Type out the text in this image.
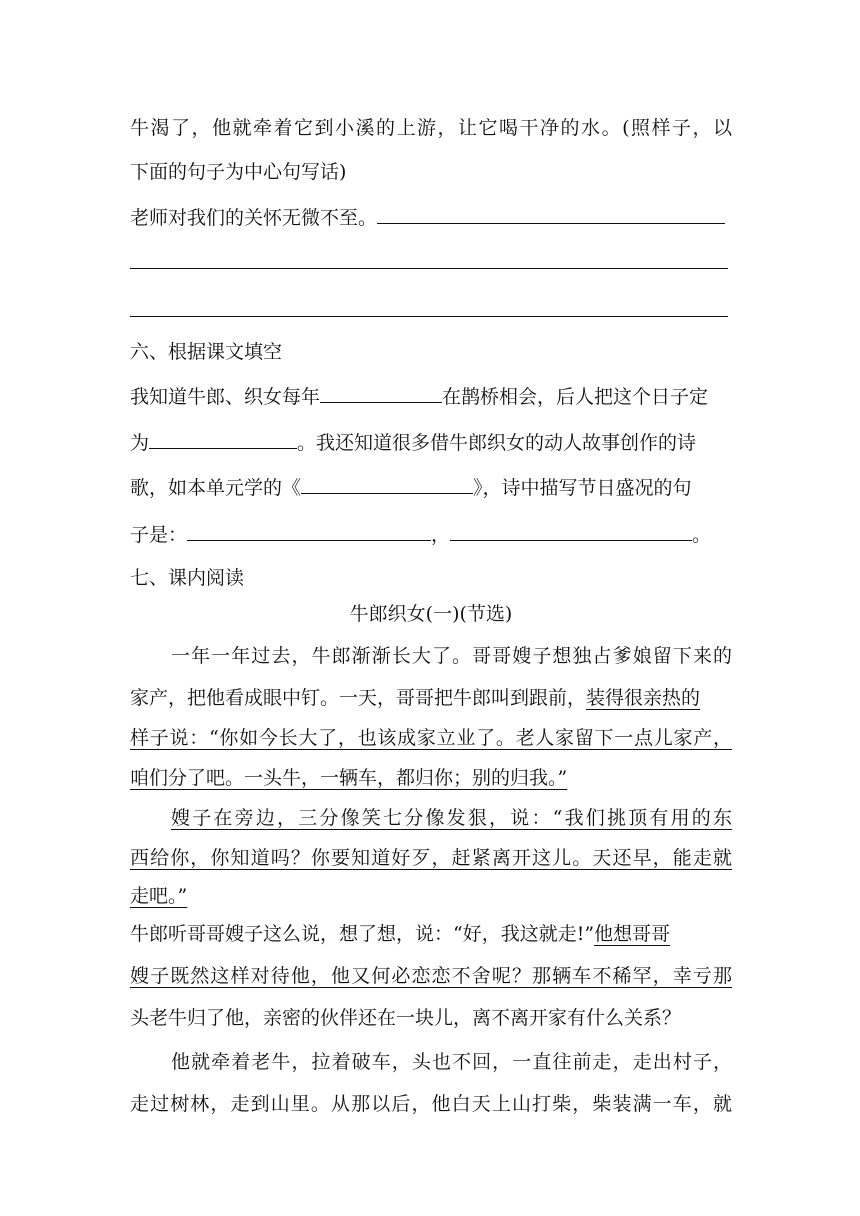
牛渴了，他就牵着它到小溪的上游，让它喝干净的水。(照样子，以
下面的句子为中心句写话)
老师对我们的关怀无微不至。
六、根据课文填空
我知道牛郎、织女每年	在鹊桥相会，后人把这个日子定
为	。我还知道很多借牛郎织女的动人故事创作的诗
歌，如本单元学的《	》，诗中描写节日盛况的句
子是：	，	。
七、课内阅读
牛郎织女(一)(节选)
一年一年过去，牛郎渐渐长大了。哥哥嫂子想独占爹娘留下来的
家产，把他看成眼中钉。一天，哥哥把牛郎叫到跟前，装得很亲热的
样子说：“你如今长大了，也该成家立业了。老人家留下一点儿家产，
咱们分了吧。一头牛，一辆车，都归你；别的归我。”
嫂子在旁边，三分像笑七分像发狠，说：“我们挑顶有用的东
西给你，你知道吗？你要知道好歹，赶紧离开这儿。天还早，能走就
走吧。”
牛郎听哥哥嫂子这么说，想了想，说：“好，我这就走!”他想哥哥
嫂子既然这样对待他，他又何必恋恋不舍呢？那辆车不稀罕，幸亏那
头老牛归了他，亲密的伙伴还在一块儿，离不离开家有什么关系？
他就牵着老牛，拉着破车，头也不回，一直往前走，走出村子，
走过树林，走到山里。从那以后，他白天上山打柴，柴装满一车，就
